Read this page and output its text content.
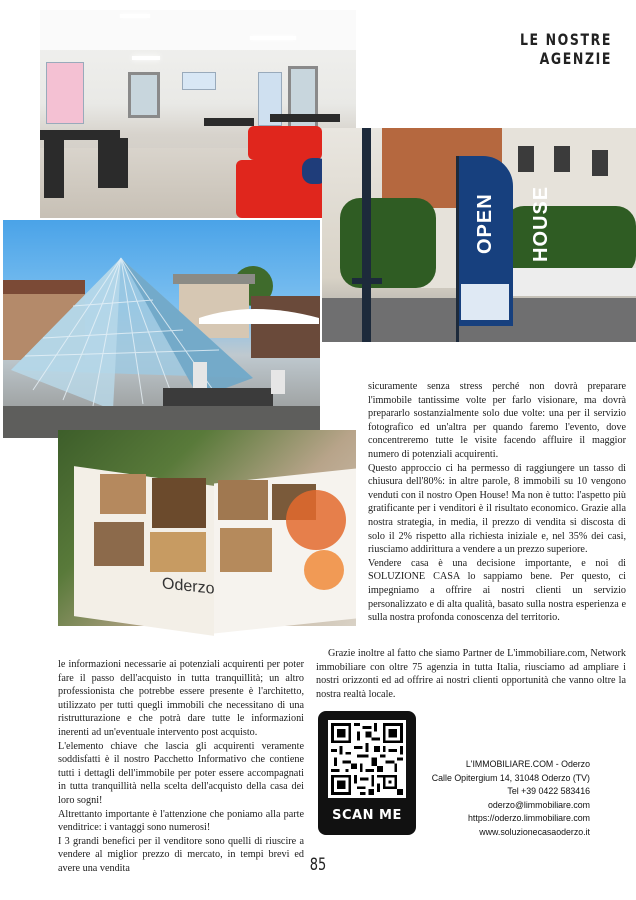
OPEN HOUSE
Oderzo
LE NOSTRE AGENZIE

sicuramente senza stress perché non dovrà preparare l'immobile tantissime volte per farlo visionare, ma dovrà prepararlo sostanzialmente solo due volte: una per il servizio fotografico ed un'altra per quando faremo l'evento, dove concentreremo tutte le visite facendo affluire il maggior numero di potenziali acquirenti.

Questo approccio ci ha permesso di raggiungere un tasso di chiusura dell'80%: in altre parole, 8 immobili su 10 vengono venduti con il nostro Open House! Ma non è tutto: l'aspetto più gratificante per i venditori è il risultato economico. Grazie alla nostra strategia, in media, il prezzo di vendita si discosta di solo il 2% rispetto alla richiesta iniziale e, nel 35% dei casi, riusciamo addirittura a vendere a un prezzo superiore.

Vendere casa è una decisione importante, e noi di SOLUZIONE CASA lo sappiamo bene. Per questo, ci impegniamo a offrire ai nostri clienti un servizio personalizzato e di alta qualità, basato sulla nostra esperienza e sulla nostra profonda conoscenza del territorio.

Grazie inoltre al fatto che siamo Partner de L'immobiliare.com, Network immobiliare con oltre 75 agenzia in tutta Italia, riusciamo ad ampliare i nostri orizzonti ed ad offrire ai nostri clienti opportunità che vanno oltre la nostra realtà locale.

le informazioni necessarie ai potenziali acquirenti per poter fare il passo dell'acquisto in tutta tranquillità; un altro professionista che potrebbe essere presente è l'architetto, utilizzato per tutti quegli immobili che necessitano di una ristrutturazione e che potrà dare tutte le informazioni inerenti ad un'eventuale intervento post acquisto.

L'elemento chiave che lascia gli acquirenti veramente soddisfatti è il nostro Pacchetto Informativo che contiene tutti i dettagli dell'immobile per poter essere accompagnati in tutta tranquillità nella scelta dell'acquisto della casa dei loro sogni!

Altrettanto importante è l'attenzione che poniamo alla parte venditrice: i vantaggi sono numerosi!

I 3 grandi benefici per il venditore sono quelli di riuscire a vendere al miglior prezzo di mercato, in tempi brevi ed avere una vendita

SCAN ME
L'IMMOBILIARE.COM - Oderzo
Calle Opitergium 14, 31048 Oderzo (TV)
Tel +39 0422 583416
oderzo@limmobiliare.com
https://oderzo.limmobiliare.com
www.soluzionecasaoderzo.it
85
